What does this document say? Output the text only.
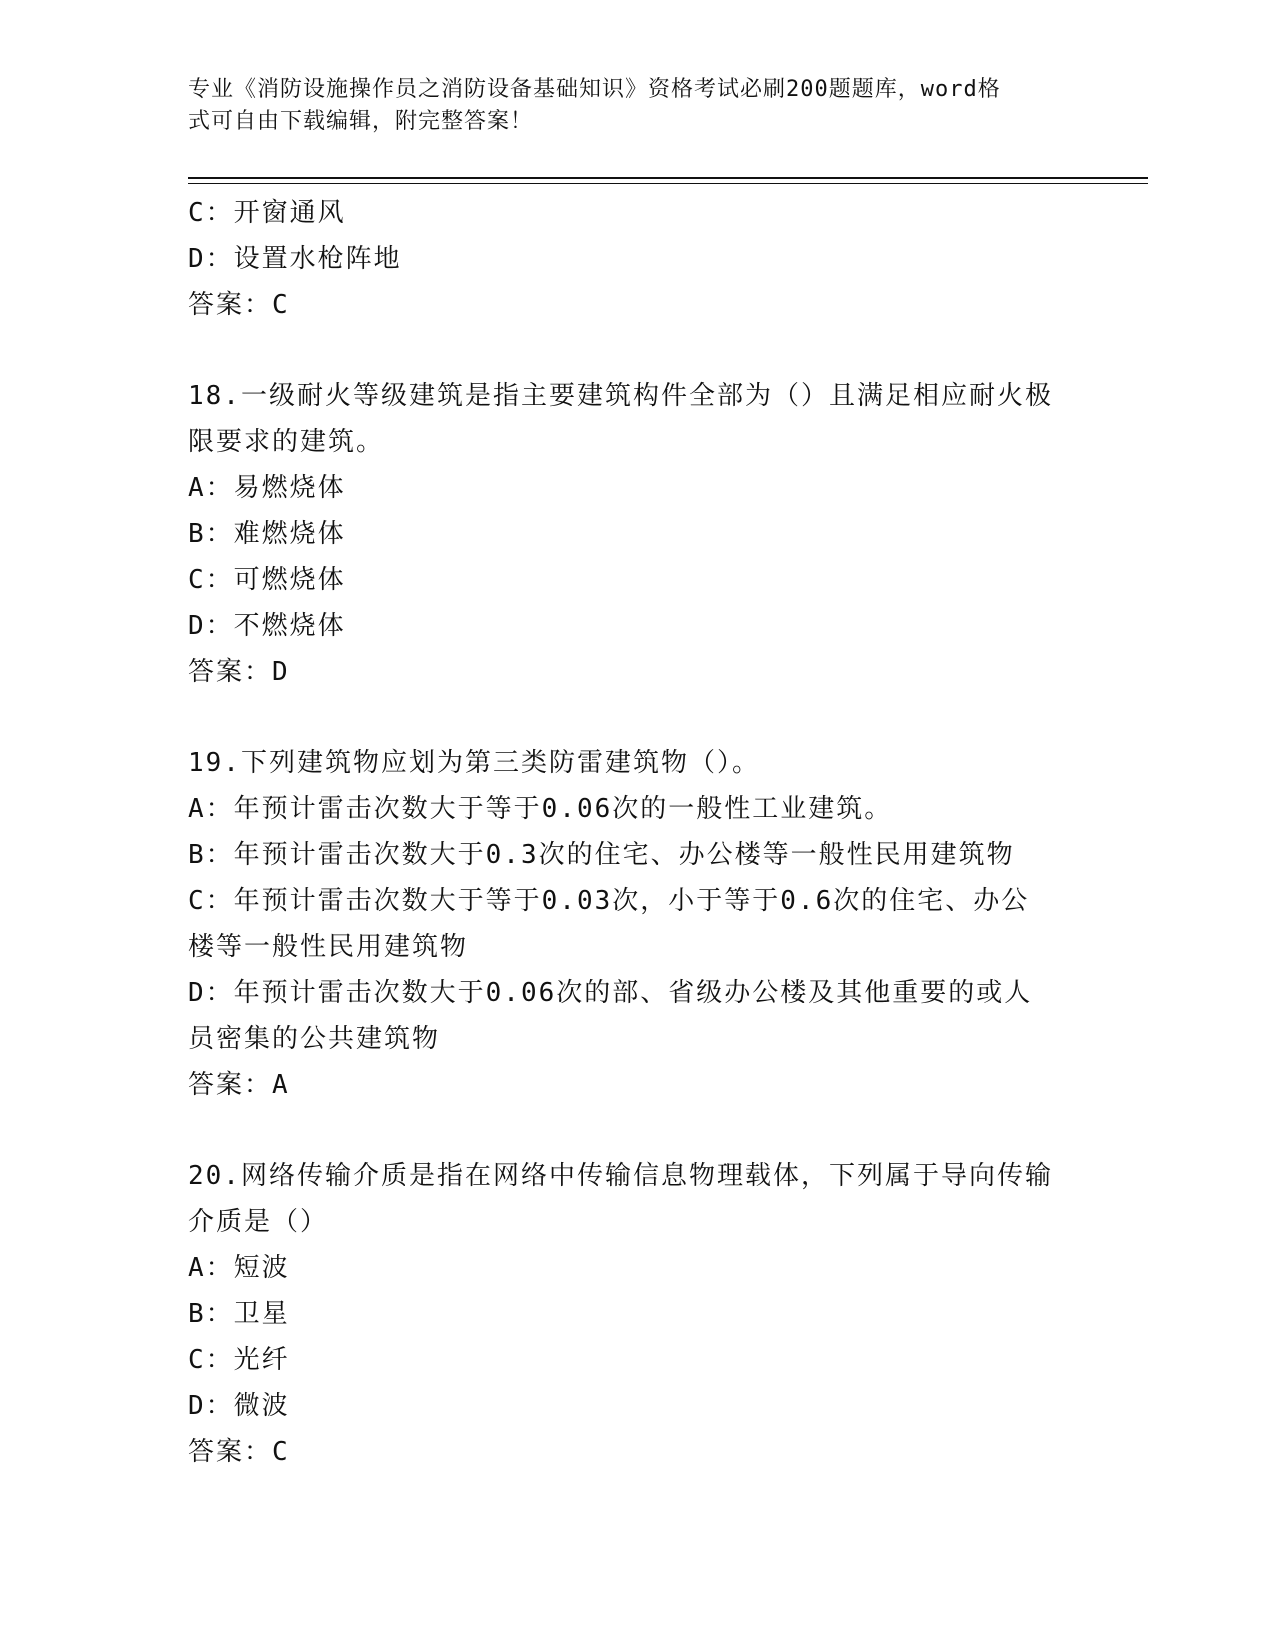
专业《消防设施操作员之消防设备基础知识》资格考试必刷200题题库，word格
式可自由下载编辑，附完整答案！
C：开窗通风
D：设置水枪阵地
答案：C
18.一级耐火等级建筑是指主要建筑构件全部为（）且满足相应耐火极
限要求的建筑。
A：易燃烧体
B：难燃烧体
C：可燃烧体
D：不燃烧体
答案：D
19.下列建筑物应划为第三类防雷建筑物（）。
A：年预计雷击次数大于等于0.06次的一般性工业建筑。
B：年预计雷击次数大于0.3次的住宅、办公楼等一般性民用建筑物
C：年预计雷击次数大于等于0.03次，小于等于0.6次的住宅、办公
楼等一般性民用建筑物
D：年预计雷击次数大于0.06次的部、省级办公楼及其他重要的或人
员密集的公共建筑物
答案：A
20.网络传输介质是指在网络中传输信息物理载体，下列属于导向传输
介质是（）
A：短波
B：卫星
C：光纤
D：微波
答案：C
